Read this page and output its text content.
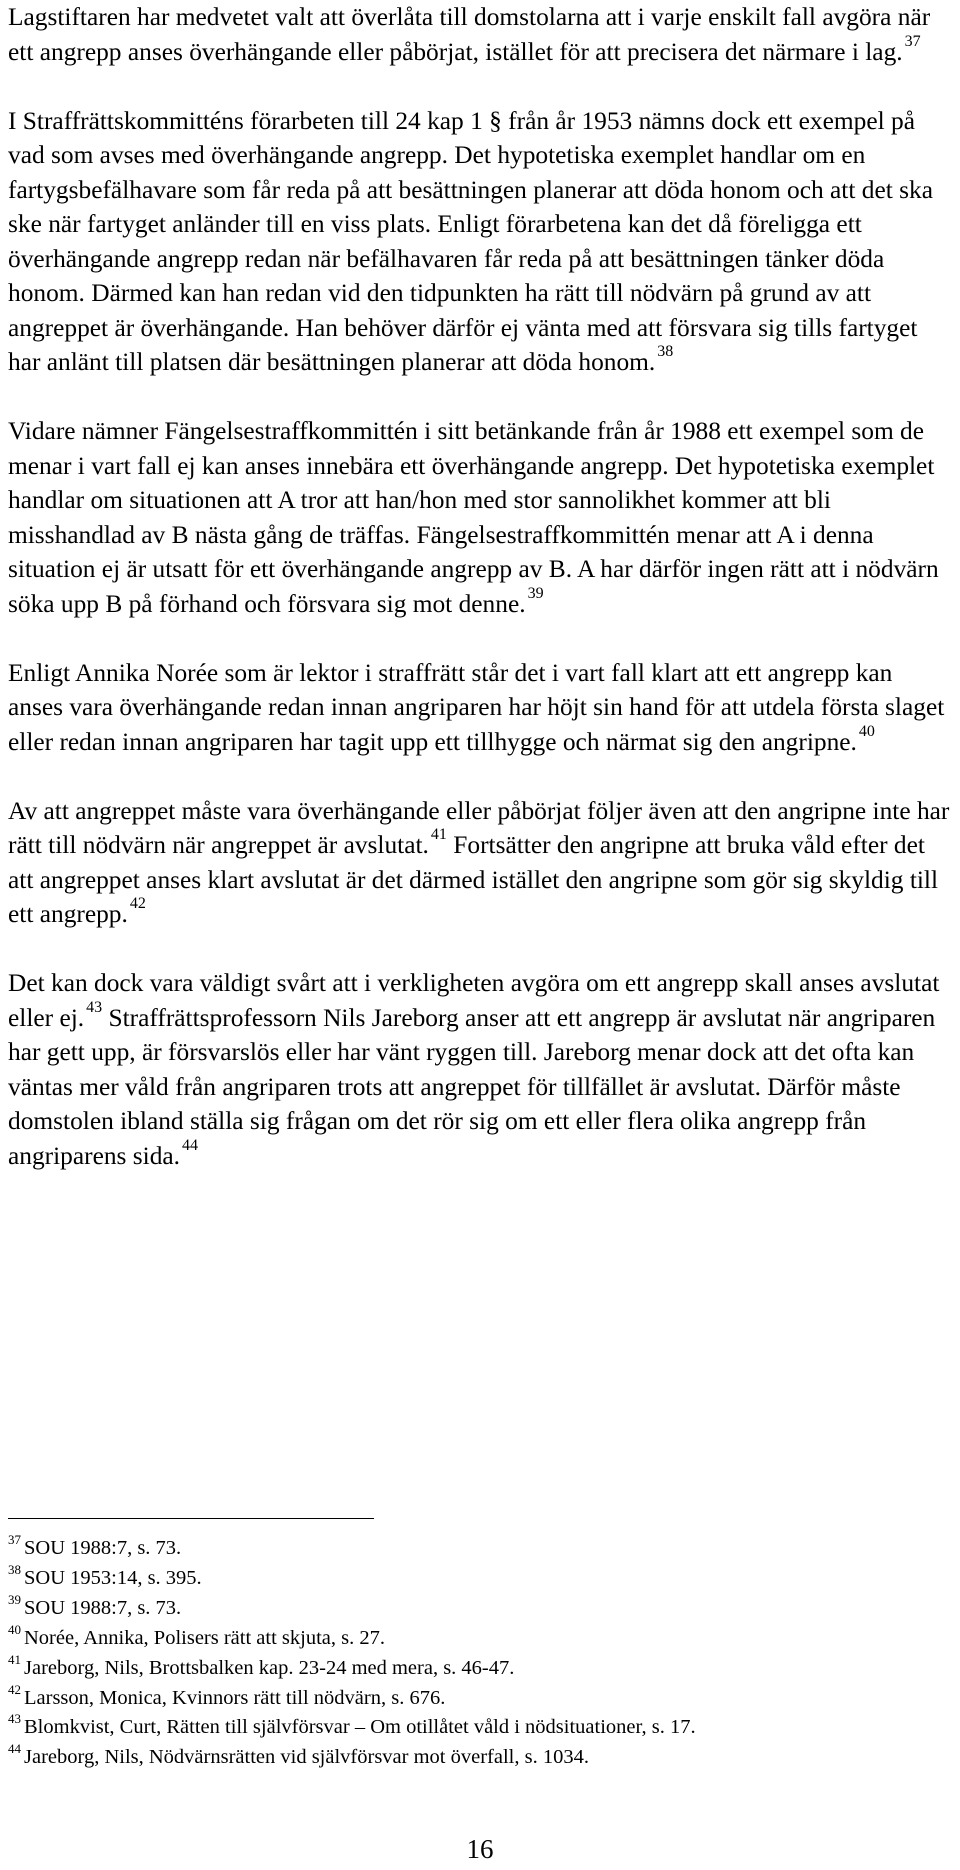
Lagstiftaren har medvetet valt att överlåta till domstolarna att i varje enskilt fall avgöra när ett angrepp anses överhängande eller påbörjat, istället för att precisera det närmare i lag. $^{37}$

I Straffrättskommitténs förarbeten till 24 kap 1 § från år 1953 nämns dock ett exempel på vad som avses med överhängande angrepp. Det hypotetiska exemplet handlar om en fartygsbefälhavare som får reda på att besättningen planerar att döda honom och att det ska ske när fartyget anländer till en viss plats. Enligt förarbetena kan det då föreligga ett överhängande angrepp redan när befälhavaren får reda på att besättningen tänker döda honom. Därmed kan han redan vid den tidpunkten ha rätt till nödvärn på grund av att angreppet är överhängande. Han behöver därför ej vänta med att försvara sig tills fartyget har anlänt till platsen där besättningen planerar att döda honom. $^{38}$

Vidare nämner Fängelsestraffkommittén i sitt betänkande från år 1988 ett exempel som de menar i vart fall ej kan anses innebära ett överhängande angrepp. Det hypotetiska exemplet handlar om situationen att A tror att han/hon med stor sannolikhet kommer att bli misshandlad av B nästa gång de träffas. Fängelsestraffkommittén menar att A i denna situation ej är utsatt för ett överhängande angrepp av B. A har därför ingen rätt att i nödvärn söka upp B på förhand och försvara sig mot denne. $^{39}$

Enligt Annika Norée som är lektor i straffrätt står det i vart fall klart att ett angrepp kan anses vara överhängande redan innan angriparen har höjt sin hand för att utdela första slaget eller redan innan angriparen har tagit upp ett tillhygge och närmat sig den angripne. $^{40}$

Av att angreppet måste vara överhängande eller påbörjat följer även att den angripne inte har rätt till nödvärn när angreppet är avslutat. $^{41}$ Fortsätter den angripne att bruka våld efter det att angreppet anses klart avslutat är det därmed istället den angripne som gör sig skyldig till ett angrepp. $^{42}$

Det kan dock vara väldigt svårt att i verkligheten avgöra om ett angrepp skall anses avslutat eller ej. $^{43}$ Straffrättsprofessorn Nils Jareborg anser att ett angrepp är avslutat när angriparen har gett upp, är försvarslös eller har vänt ryggen till. Jareborg menar dock att det ofta kan väntas mer våld från angriparen trots att angreppet för tillfället är avslutat. Därför måste domstolen ibland ställa sig frågan om det rör sig om ett eller flera olika angrepp från angriparens sida. $^{44}$

$^{37}$ SOU 1988:7, s. 73.
$^{38}$ SOU 1953:14, s. 395.
$^{39}$ SOU 1988:7, s. 73.
$^{40}$ Norée, Annika, Polisers rätt att skjuta, s. 27.
$^{41}$ Jareborg, Nils, Brottsbalken kap. 23-24 med mera, s. 46-47.
$^{42}$ Larsson, Monica, Kvinnors rätt till nödvärn, s. 676.
$^{43}$ Blomkvist, Curt, Rätten till självförsvar – Om otillåtet våld i nödsituationer, s. 17.
$^{44}$ Jareborg, Nils, Nödvärnsrätten vid självförsvar mot överfall, s. 1034.
16
